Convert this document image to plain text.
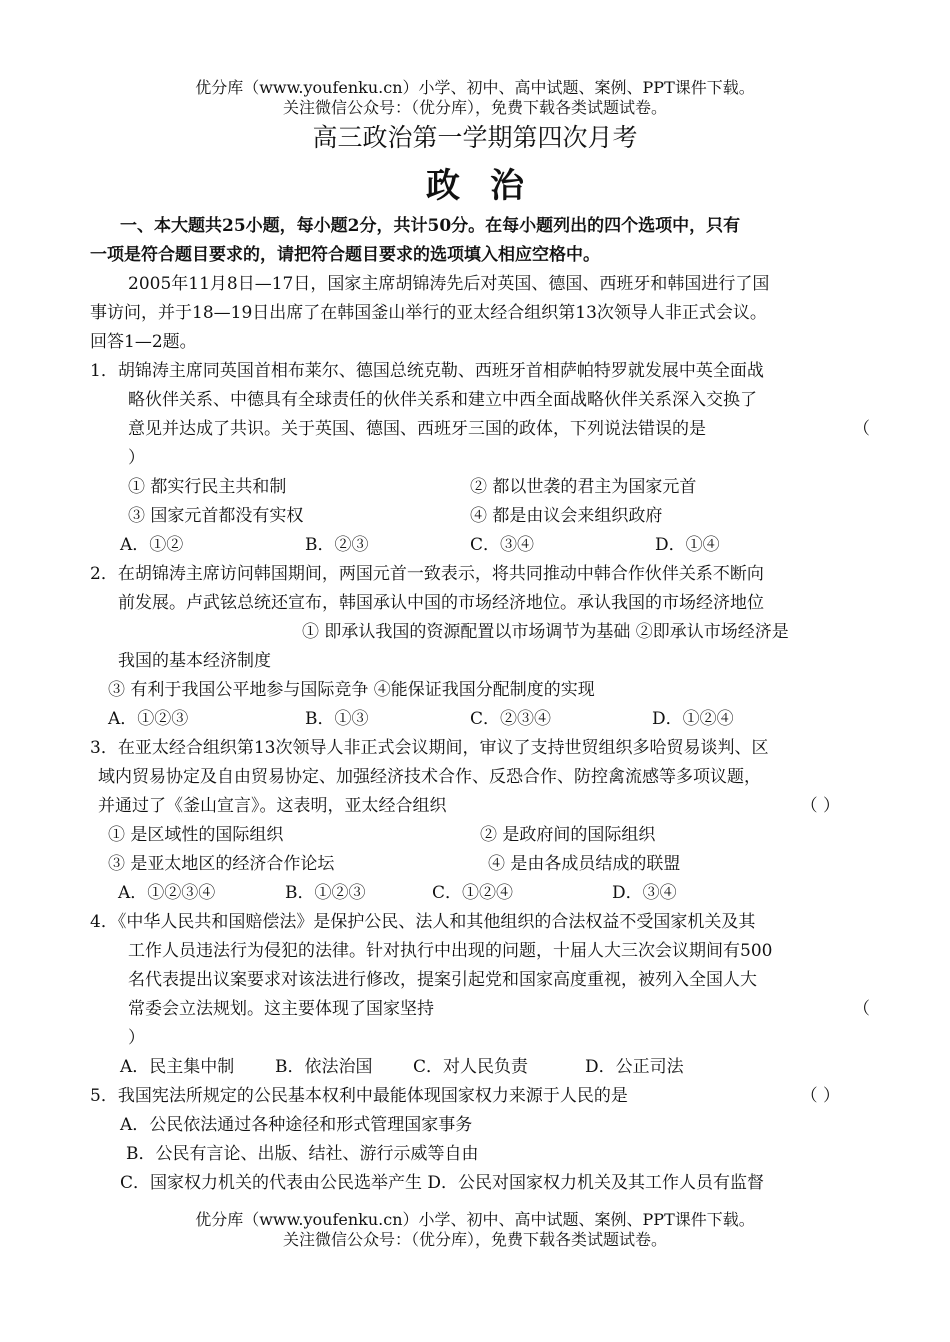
优分库（www.youfenku.cn）小学、初中、高中试题、案例、PPT课件下载。
关注微信公众号：（优分库），免费下载各类试题试卷。
高三政治第一学期第四次月考
政治
一、本大题共25小题，每小题2分，共计50分。在每小题列出的四个选项中，只有
一项是符合题目要求的，请把符合题目要求的选项填入相应空格中。
2005年11月8日—17日，国家主席胡锦涛先后对英国、德国、西班牙和韩国进行了国
事访问，并于18—19日出席了在韩国釜山举行的亚太经合组织第13次领导人非正式会议。
回答1—2题。
1．胡锦涛主席同英国首相布莱尔、德国总统克勒、西班牙首相萨帕特罗就发展中英全面战
略伙伴关系、中德具有全球责任的伙伴关系和建立中西全面战略伙伴关系深入交换了
意见并达成了共识。关于英国、德国、西班牙三国的政体，下列说法错误的是	（
）
① 都实行民主共和制	② 都以世袭的君主为国家元首
③ 国家元首都没有实权	④ 都是由议会来组织政府
A．①②	B．②③	C．③④	D．①④
2．在胡锦涛主席访问韩国期间，两国元首一致表示，将共同推动中韩合作伙伴关系不断向
前发展。卢武铉总统还宣布，韩国承认中国的市场经济地位。承认我国的市场经济地位
① 即承认我国的资源配置以市场调节为基础 ②即承认市场经济是
我国的基本经济制度
③ 有利于我国公平地参与国际竞争 ④能保证我国分配制度的实现
A．①②③	B．①③	C．②③④	D．①②④
3．在亚太经合组织第13次领导人非正式会议期间，审议了支持世贸组织多哈贸易谈判、区
域内贸易协定及自由贸易协定、加强经济技术合作、反恐合作、防控禽流感等多项议题，
并通过了《釜山宣言》。这表明，亚太经合组织	（ ）
① 是区域性的国际组织	② 是政府间的国际组织
③ 是亚太地区的经济合作论坛	④ 是由各成员结成的联盟
A．①②③④	B．①②③	C．①②④	D．③④
4．《中华人民共和国赔偿法》是保护公民、法人和其他组织的合法权益不受国家机关及其
工作人员违法行为侵犯的法律。针对执行中出现的问题，十届人大三次会议期间有500
名代表提出议案要求对该法进行修改，提案引起党和国家高度重视，被列入全国人大
常委会立法规划。这主要体现了国家坚持	（
）
A．民主集中制	B．依法治国	C．对人民负责	D．公正司法
5．我国宪法所规定的公民基本权利中最能体现国家权力来源于人民的是	（ ）
A．公民依法通过各种途径和形式管理国家事务
B．公民有言论、出版、结社、游行示威等自由
C．国家权力机关的代表由公民选举产生 D．公民对国家权力机关及其工作人员有监督
优分库（www.youfenku.cn）小学、初中、高中试题、案例、PPT课件下载。
关注微信公众号：（优分库），免费下载各类试题试卷。
